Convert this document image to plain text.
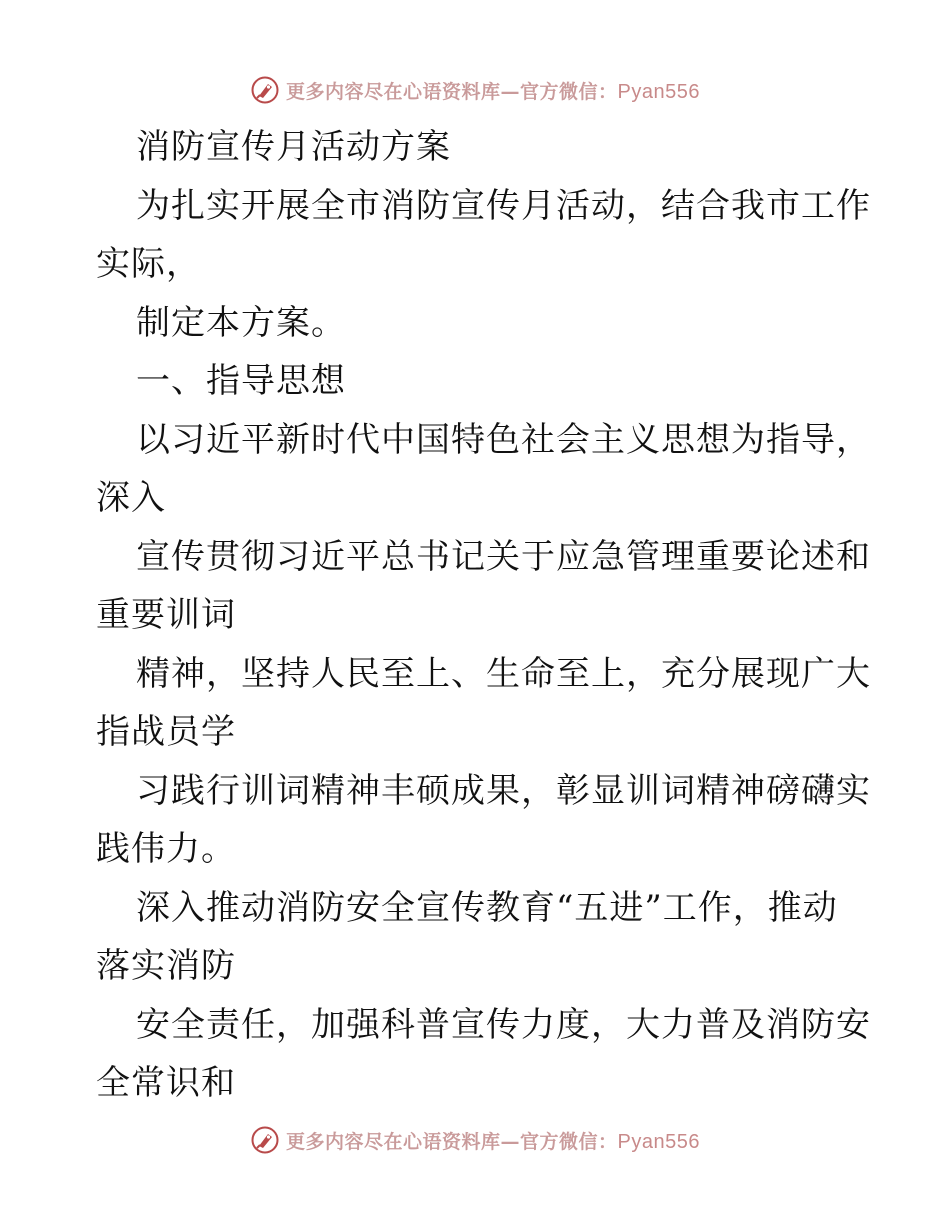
更多内容尽在心语资料库—官方微信：Pyan556
消防宣传月活动方案
为扎实开展全市消防宣传月活动，结合我市工作
实际，
制定本方案。
一、指导思想
以习近平新时代中国特色社会主义思想为指导，
深入
宣传贯彻习近平总书记关于应急管理重要论述和
重要训词
精神，坚持人民至上、生命至上，充分展现广大
指战员学
习践行训词精神丰硕成果，彰显训词精神磅礴实
践伟力。
深入推动消防安全宣传教育“五进”工作，推动
落实消防
安全责任，加强科普宣传力度，大力普及消防安
全常识和
更多内容尽在心语资料库—官方微信：Pyan556
